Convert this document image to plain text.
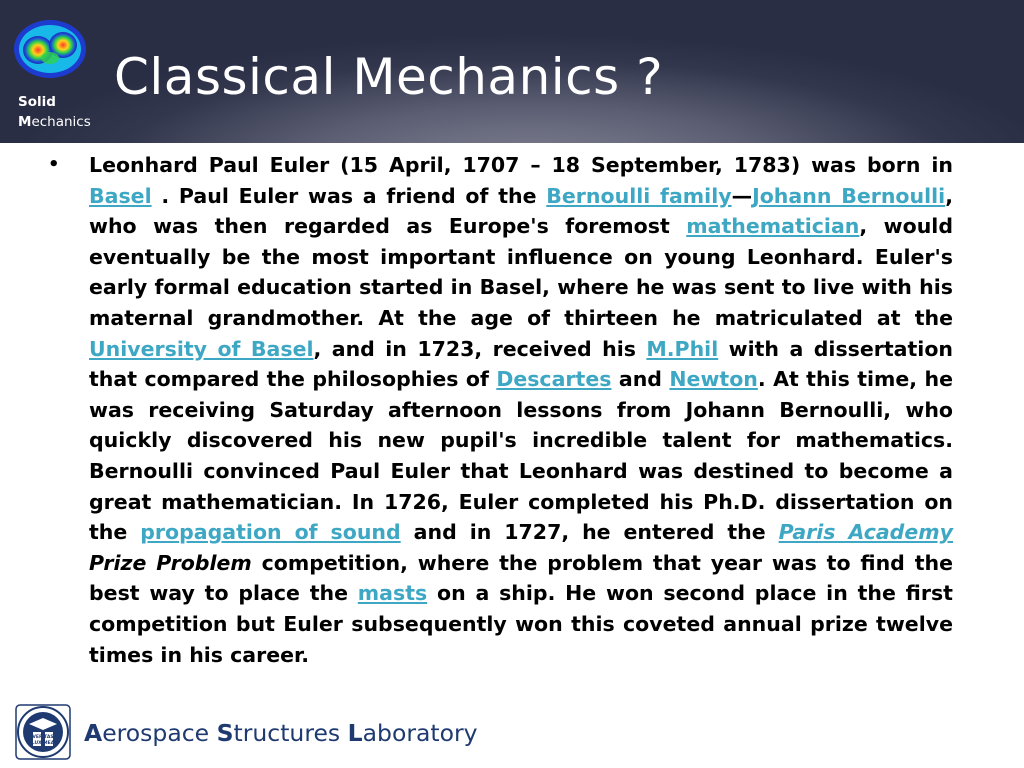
Solid
Mechanics
Classical Mechanics ?
• Leonhard Paul Euler (15 April, 1707 – 18 September, 1783) was born in Basel . Paul Euler was a friend of the Bernoulli family—Johann Bernoulli, who was then regarded as Europe's foremost mathematician, would eventually be the most important influence on young Leonhard. Euler's early formal education started in Basel, where he was sent to live with his maternal grandmother. At the age of thirteen he matriculated at the University of Basel, and in 1723, received his M.Phil with a dissertation that compared the philosophies of Descartes and Newton. At this time, he was receiving Saturday afternoon lessons from Johann Bernoulli, who quickly discovered his new pupil's incredible talent for mathematics. Bernoulli convinced Paul Euler that Leonhard was destined to become a great mathematician. In 1726, Euler completed his Ph.D. dissertation on the propagation of sound and in 1727, he entered the Paris Academy Prize Problem competition, where the problem that year was to find the best way to place the masts on a ship. He won second place in the first competition but Euler subsequently won this coveted annual prize twelve times in his career.

VERITAS
LUX MEA Aerospace Structures Laboratory
